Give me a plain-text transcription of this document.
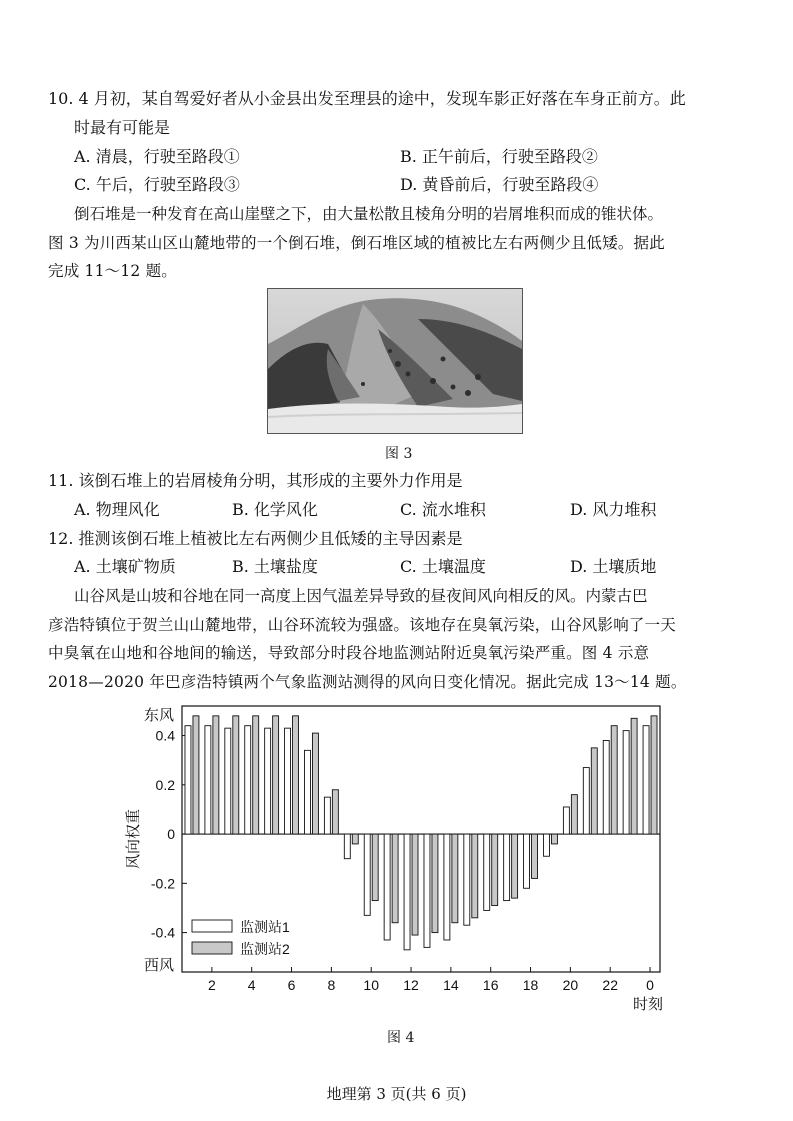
10. 4 月初，某自驾爱好者从小金县出发至理县的途中，发现车影正好落在车身正前方。此
时最有可能是
A. 清晨，行驶至路段①	B. 正午前后，行驶至路段②
C. 午后，行驶至路段③	D. 黄昏前后，行驶至路段④
倒石堆是一种发育在高山崖壁之下，由大量松散且棱角分明的岩屑堆积而成的锥状体。
图 3 为川西某山区山麓地带的一个倒石堆，倒石堆区域的植被比左右两侧少且低矮。据此
完成 11～12 题。
图 3
11. 该倒石堆上的岩屑棱角分明，其形成的主要外力作用是
A. 物理风化	B. 化学风化	C. 流水堆积	D. 风力堆积
12. 推测该倒石堆上植被比左右两侧少且低矮的主导因素是
A. 土壤矿物质	B. 土壤盐度	C. 土壤温度	D. 土壤质地
山谷风是山坡和谷地在同一高度上因气温差异导致的昼夜间风向相反的风。内蒙古巴
彦浩特镇位于贺兰山山麓地带，山谷环流较为强盛。该地存在臭氧污染，山谷风影响了一天
中臭氧在山地和谷地间的输送，导致部分时段谷地监测站附近臭氧污染严重。图 4 示意
2018—2020 年巴彦浩特镇两个气象监测站测得的风向日变化情况。据此完成 13～14 题。
0.4
0.2
0
-0.2
-0.4
东风
西风
风向权重
2 4 6 8 10 12 14 16 18 20 22 0
时刻
监测站1
监测站2
图 4
地理第 3 页(共 6 页)
